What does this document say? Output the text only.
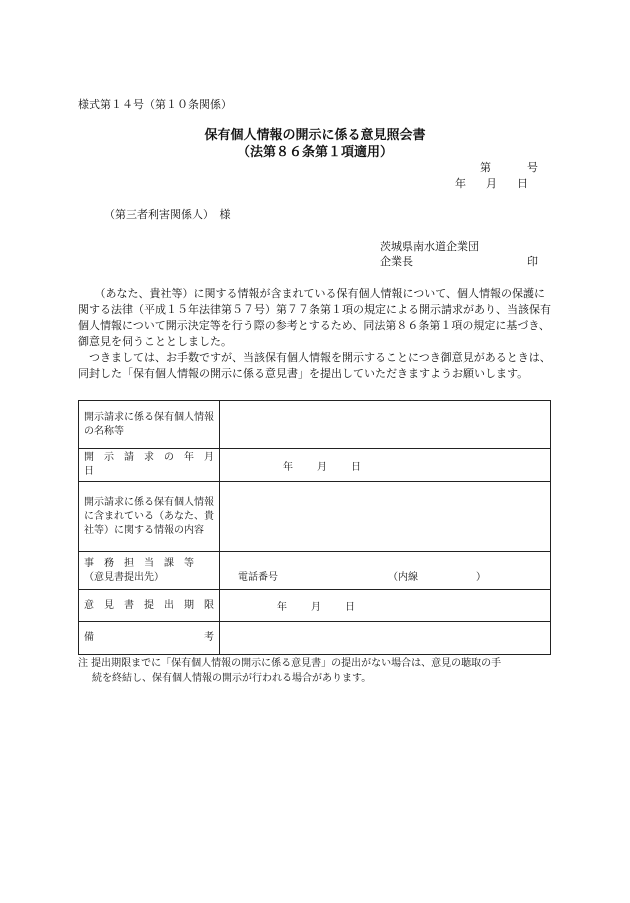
様式第１４号（第１０条関係）
保有個人情報の開示に係る意見照会書
（法第８６条第１項適用）
第	号
年 月 日
（第三者利害関係人）　様
茨城県南水道企業団
企業長	印
（あなた、貴社等）に関する情報が含まれている保有個人情報について、個人情報の保護に関する法律（平成１５年法律第５７号）第７７条第１項の規定による開示請求があり、当該保有個人情報について開示決定等を行う際の参考とするため、同法第８６条第１項の規定に基づき、御意見を伺うこととしました。
つきましては、お手数ですが、当該保有個人情報を開示することにつき御意見があるときは、同封した「保有個人情報の開示に係る意見書」を提出していただきますようお願いします。
開示請求に係る保有個人情報の名称等	
開　示　請　求　の　年　月　日	年 月 日
開示請求に係る保有個人情報に含まれている（あなた、貴社等）に関する情報の内容	

事　務　担　当　課　等
（意見書提出先）	電話番号 （内線 ）
意　見　書　提　出　期　限	年 月 日

備 考	

注 提出期限までに「保有個人情報の開示に係る意見書」の提出がない場合は、意見の聴取の手
続を終結し、保有個人情報の開示が行われる場合があります。
